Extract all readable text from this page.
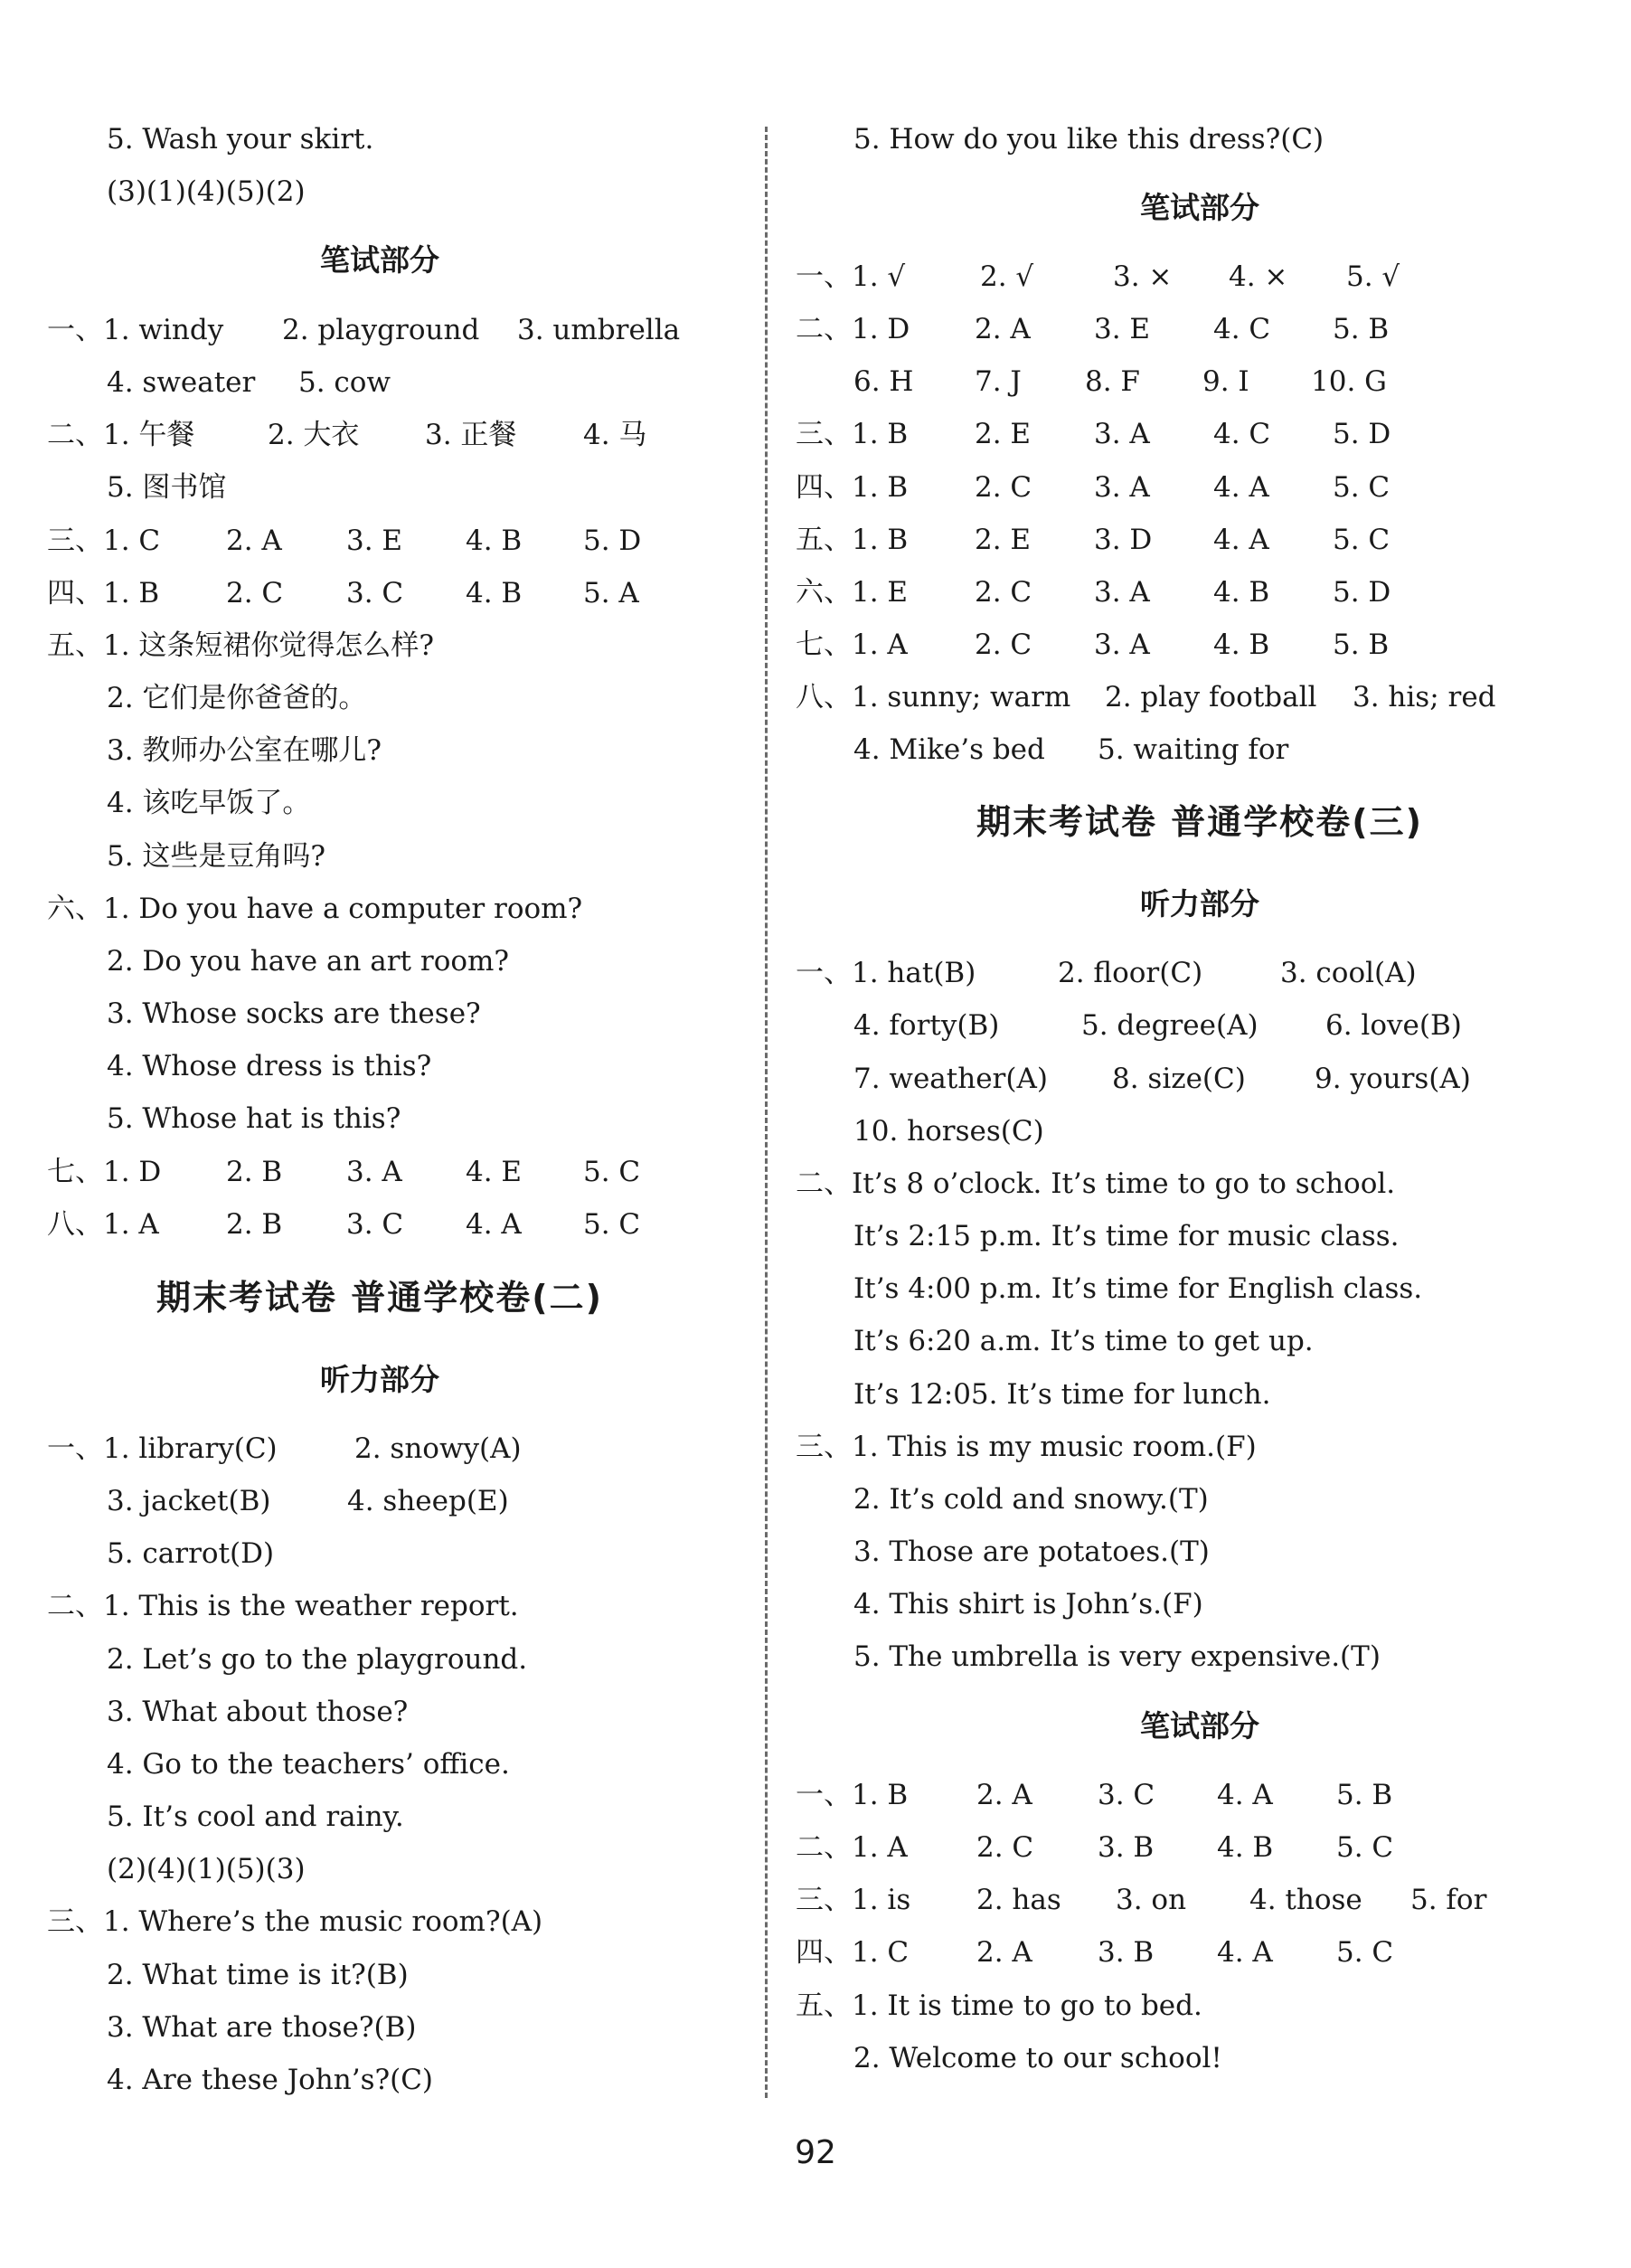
5. Wash your skirt.
(3)(1)(4)(5)(2)
笔试部分
一、1. windy 2. playground 3. umbrella
4. sweater 5. cow
二、1. 午餐	2. 大衣 3. 正餐 4. 马
5. 图书馆
三、1. C 2. A 3. E 4. B 5. D
四、1. B 2. C 3. C 4. B 5. A
五、1. 这条短裙你觉得怎么样?
2. 它们是你爸爸的。
3. 教师办公室在哪儿?
4. 该吃早饭了。
5. 这些是豆角吗?
六、1. Do you have a computer room?
2. Do you have an art room?
3. Whose socks are these?
4. Whose dress is this?
5. Whose hat is this?
七、1. D 2. B 3. A 4. E 5. C
八、1. A 2. B 3. C 4. A 5. C
期末考试卷 普通学校卷(二)
听力部分
一、1. library(C)	2. snowy(A)
3. jacket(B)	4. sheep(E)
5. carrot(D)
二、1. This is the weather report.
2. Let’s go to the playground.
3. What about those?
4. Go to the teachers’ office.
5. It’s cool and rainy.
(2)(4)(1)(5)(3)
三、1. Where’s the music room?(A)
2. What time is it?(B)
3. What are those?(B)
4. Are these John’s?(C)
5. How do you like this dress?(C)
笔试部分
一、1. √	2. √	3. × 4. × 5. √
二、1. D 2. A 3. E 4. C 5. B
6. H 7. J 8. F 9. I 10. G
三、1. B 2. E 3. A 4. C 5. D
四、1. B 2. C 3. A 4. A 5. C
五、1. B 2. E 3. D 4. A 5. C
六、1. E 2. C 3. A 4. B 5. D
七、1. A 2. C 3. A 4. B 5. B
八、1. sunny; warm 2. play football 3. his; red
4. Mike’s bed 5. waiting for
期末考试卷 普通学校卷(三)
听力部分
一、1. hat(B)	2. floor(C)	3. cool(A)
4. forty(B)	5. degree(A) 6. love(B)
7. weather(A) 8. size(C) 9. yours(A)
10. horses(C)
二、It’s 8 o’clock. It’s time to go to school.
It’s 2:15 p.m. It’s time for music class.
It’s 4:00 p.m. It’s time for English class.
It’s 6:20 a.m. It’s time to get up.
It’s 12:05. It’s time for lunch.
三、1. This is my music room.(F)
2. It’s cold and snowy.(T)
3. Those are potatoes.(T)
4. This shirt is John’s.(F)
5. The umbrella is very expensive.(T)
笔试部分
一、1. B 2. A 3. C 4. A 5. B
二、1. A 2. C 3. B 4. B 5. C
三、1. is 2. has 3. on 4. those 5. for
四、1. C 2. A 3. B 4. A 5. C
五、1. It is time to go to bed.
2. Welcome to our school!
92
